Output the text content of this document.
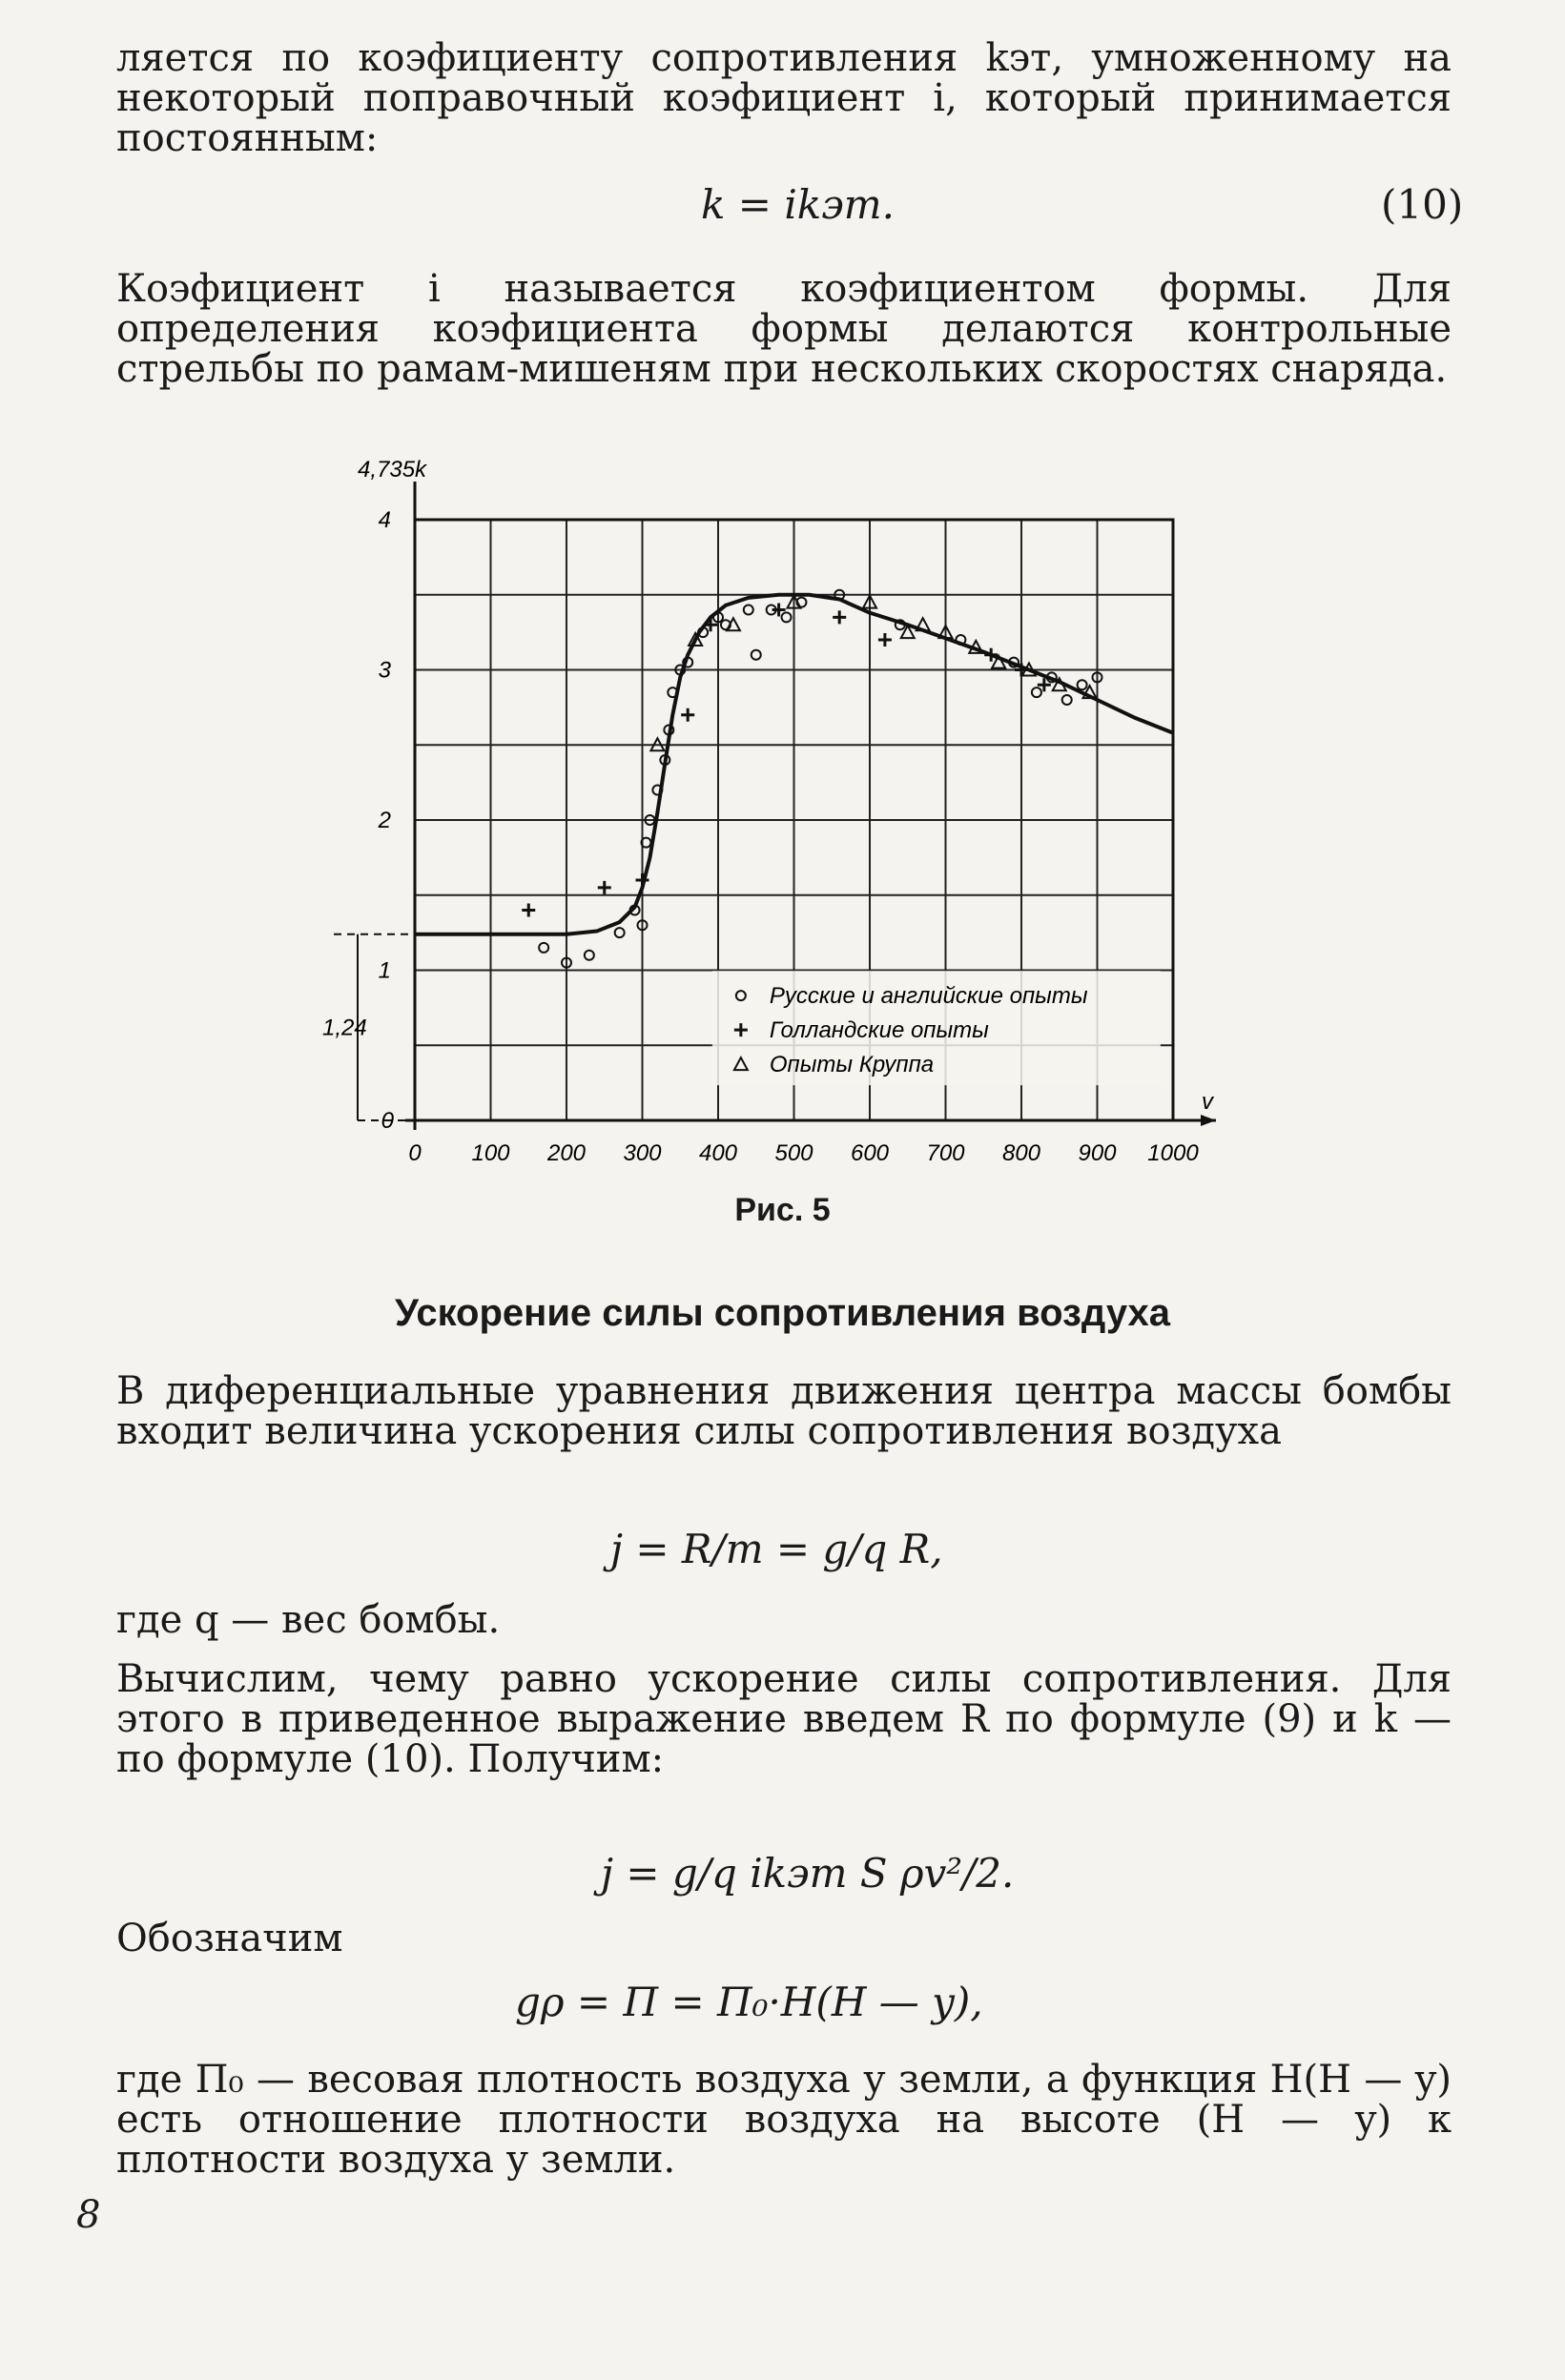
ляется по коэфициенту сопротивления kэт, умноженному на некоторый поправочный коэфициент i, который принимается постоянным:
k = ikэт.	(10)
Коэфициент i называется коэфициентом формы. Для определения коэфициента формы делаются контрольные стрельбы по рамам-мишеням при нескольких скоростях снаряда.
1,24
0 100 200 300 400 500 600 700 800 900 1000
1
2
3
4
0
4,735k
v
Русские и английские опыты
Голландские опыты
Опыты Круппа
Рис. 5
Ускорение силы сопротивления воздуха
В диференциальные уравнения движения центра массы бомбы входит величина ускорения силы сопротивления воздуха
j = R/m = g/q R,
где q — вес бомбы.
Вычислим, чему равно ускорение силы сопротивления. Для этого в приведенное выражение введем R по формуле (9) и k — по формуле (10). Получим:
j = g/q ikэт S ρv²/2.
Обозначим
gρ = П = П₀·H(H — y),
где П₀ — весовая плотность воздуха у земли, а функция H(H — y) есть отношение плотности воздуха на высоте (H — y) к плотности воздуха у земли.
8
